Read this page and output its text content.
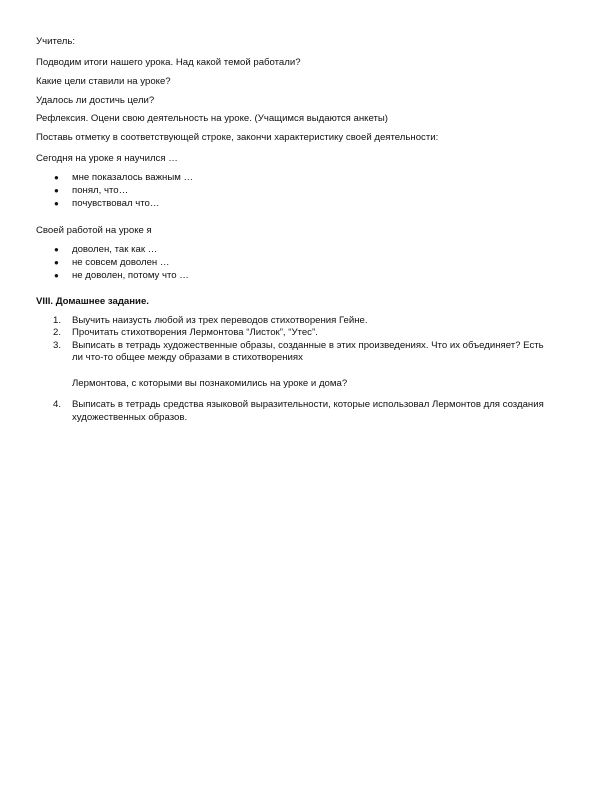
Учитель:
Подводим итоги нашего урока. Над какой темой работали?
Какие цели ставили на уроке?
Удалось ли достичь цели?
Рефлексия. Оцени свою деятельность на уроке. (Учащимся выдаются анкеты)
Поставь отметку в соответствующей строке, закончи характеристику своей деятельности:
Сегодня на уроке я научился …
● мне показалось важным …
● понял, что…
● почувствовал что…
Своей работой на уроке я
● доволен, так как …
● не совсем доволен …
● не доволен, потому что …
VIII. Домашнее задание.
1. Выучить наизусть любой из трех переводов стихотворения Гейне.
2. Прочитать стихотворения Лермонтова “Листок”, “Утес”.
3. Выписать в тетрадь художественные образы, созданные в этих произведениях. Что их объединяет? Есть
ли что-то общее между образами в стихотворениях
Лермонтова, с которыми вы познакомились на уроке и дома?
4. Выписать в тетрадь средства языковой выразительности, которые использовал Лермонтов для создания
художественных образов.
